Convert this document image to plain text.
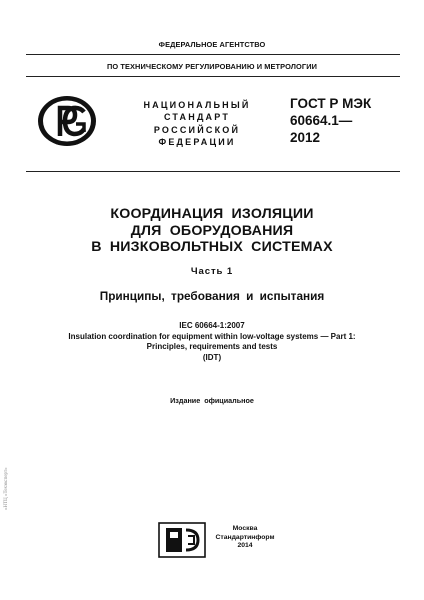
ФЕДЕРАЛЬНОЕ АГЕНТСТВО
ПО ТЕХНИЧЕСКОМУ РЕГУЛИРОВАНИЮ И МЕТРОЛОГИИ
НАЦИОНАЛЬНЫЙ
СТАНДАРТ
РОССИЙСКОЙ
ФЕДЕРАЦИИ
ГОСТ Р МЭК
60664.1—
2012
КООРДИНАЦИЯ ИЗОЛЯЦИИ
ДЛЯ ОБОРУДОВАНИЯ
В НИЗКОВОЛЬТНЫХ СИСТЕМАХ
Часть 1
Принципы, требования и испытания
IEC 60664-1:2007
Insulation coordination for equipment within low-voltage systems — Part 1:
Principles, requirements and tests
(IDT)
Издание официальное
Москва
Стандартинформ
2014
«НТЦ «Техэксперт»
